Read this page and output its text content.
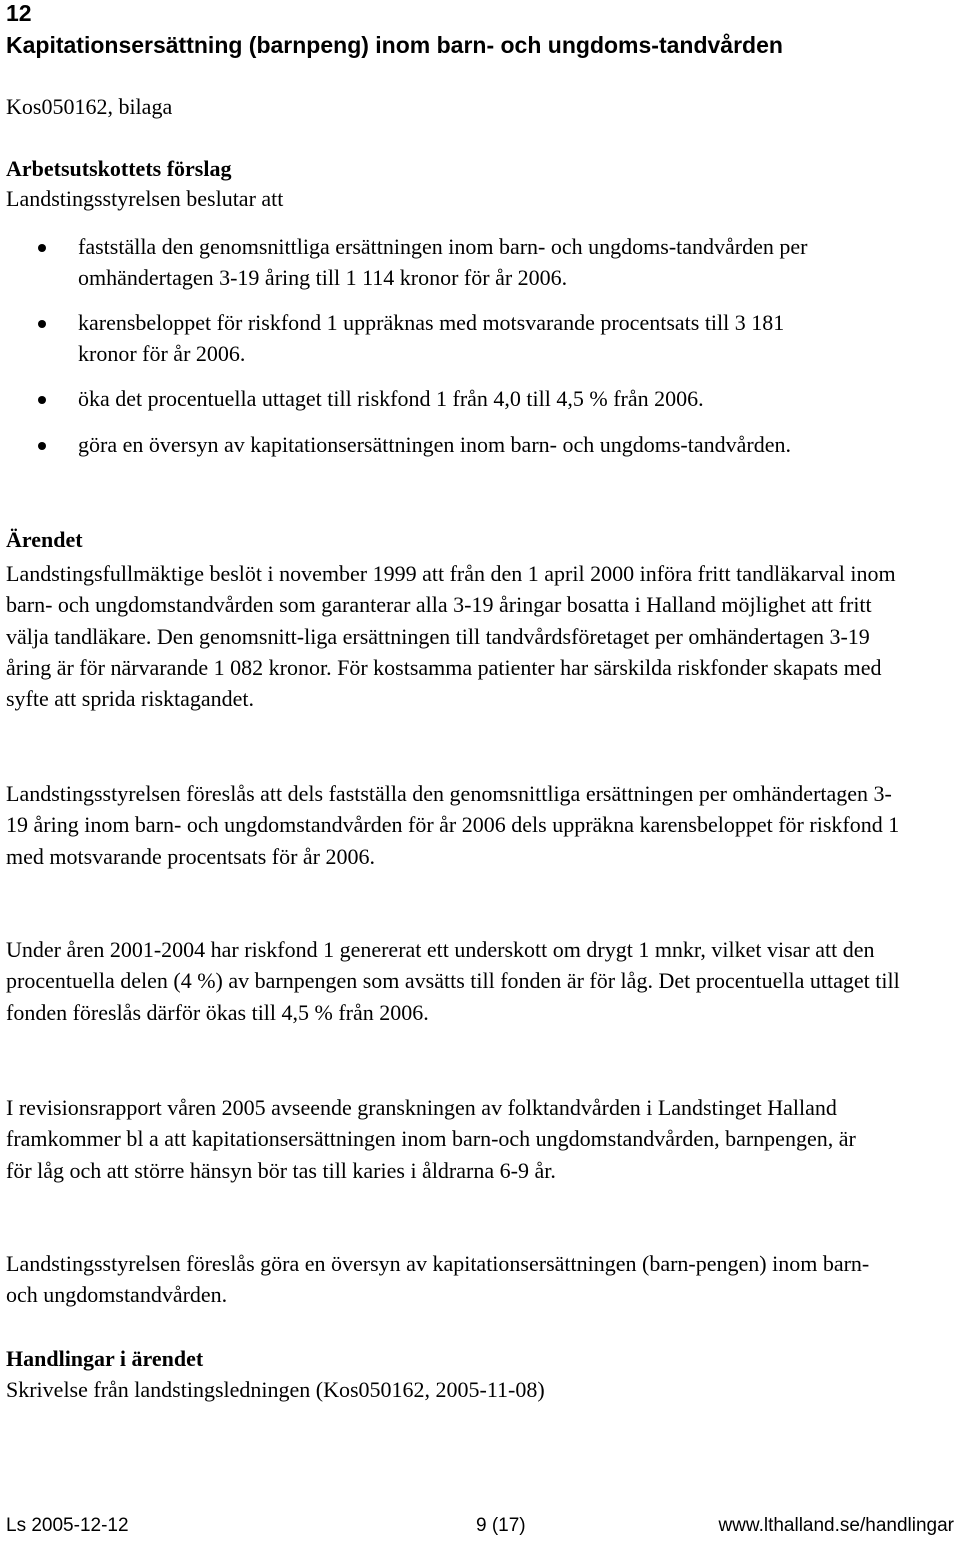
12
Kapitationsersättning (barnpeng) inom barn- och ungdoms-tandvården
Kos050162, bilaga
Arbetsutskottets förslag
Landstingsstyrelsen beslutar att
fastställa den genomsnittliga ersättningen inom barn- och ungdoms-tandvården per omhändertagen 3-19 åring till 1 114 kronor för år 2006.
karensbeloppet för riskfond 1 uppräknas med motsvarande procentsats till 3 181 kronor för år 2006.
öka det procentuella uttaget till riskfond 1 från 4,0 till 4,5 % från 2006.
göra en översyn av kapitationsersättningen inom barn- och ungdoms-tandvården.
Ärendet
Landstingsfullmäktige beslöt i november 1999 att från den 1 april 2000 införa fritt tandläkarval inom barn- och ungdomstandvården som garanterar alla 3-19 åringar bosatta i Halland möjlighet att fritt välja tandläkare. Den genomsnitt-liga ersättningen till tandvårdsföretaget per omhändertagen 3-19 åring är för närvarande 1 082 kronor. För kostsamma patienter har särskilda riskfonder skapats med syfte att sprida risktagandet.
Landstingsstyrelsen föreslås att dels fastställa den genomsnittliga ersättningen per omhändertagen 3-19 åring inom barn- och ungdomstandvården för år 2006 dels uppräkna karensbeloppet för riskfond 1 med motsvarande procentsats för år 2006.
Under åren 2001-2004 har riskfond 1 genererat ett underskott om drygt 1 mnkr, vilket visar att den procentuella delen (4 %) av barnpengen som avsätts till fonden är för låg. Det procentuella uttaget till fonden föreslås därför ökas till 4,5 % från 2006.
I revisionsrapport våren 2005 avseende granskningen av folktandvården i Landstinget Halland framkommer bl a att kapitationsersättningen inom barn-och ungdomstandvården, barnpengen, är för låg och att större hänsyn bör tas till karies i åldrarna 6-9 år.
Landstingsstyrelsen föreslås göra en översyn av kapitationsersättningen (barn-pengen) inom barn- och ungdomstandvården.
Handlingar i ärendet
Skrivelse från landstingsledningen (Kos050162, 2005-11-08)
Ls 2005-12-12	9 (17)	www.lthalland.se/handlingar
